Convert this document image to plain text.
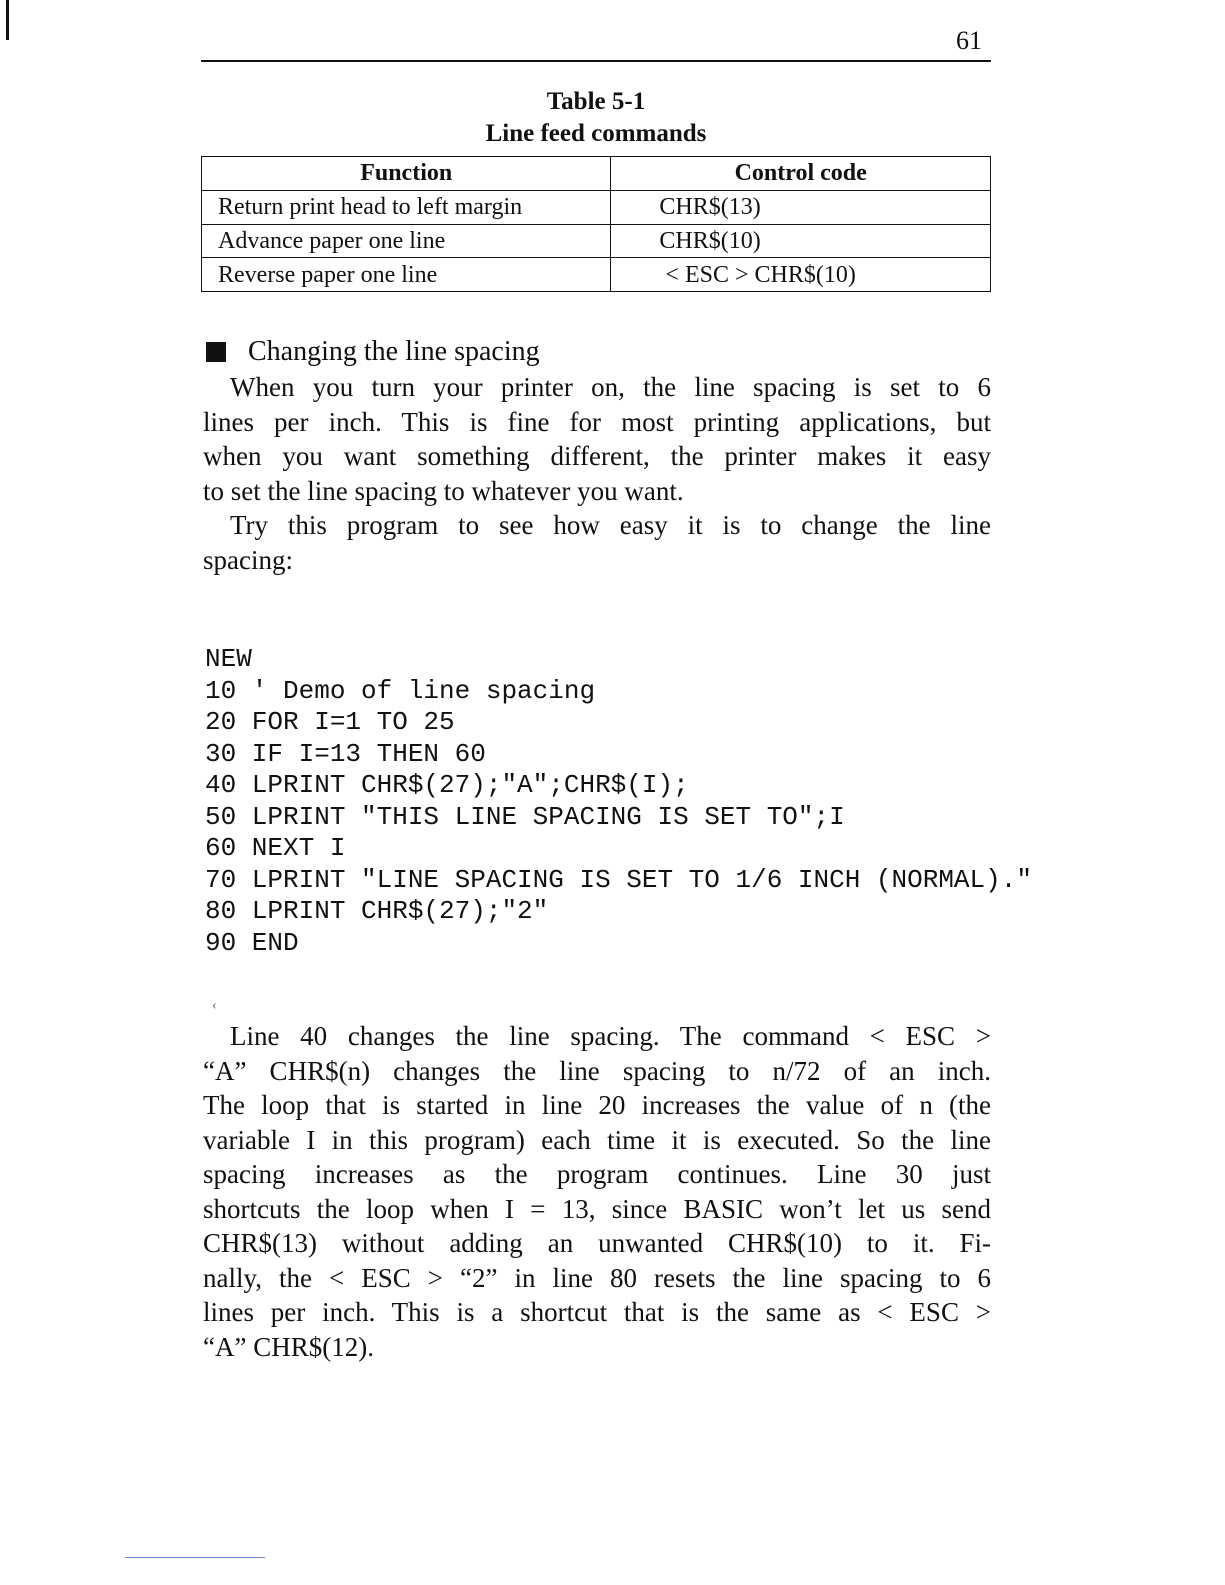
61
Table 5-1
Line feed commands
Function	Control code
Return print head to left margin	CHR$(13)
Advance paper one line	CHR$(10)
Reverse paper one line	< ESC > CHR$(10)
Changing the line spacing
When you turn your printer on, the line spacing is set to 6
lines per inch. This is fine for most printing applications, but
when you want something different, the printer makes it easy
to set the line spacing to whatever you want.
Try this program to see how easy it is to change the line
spacing:
NEW
10 ' Demo of line spacing
20 FOR I=1 TO 25
30 IF I=13 THEN 60
40 LPRINT CHR$(27);"A";CHR$(I);
50 LPRINT "THIS LINE SPACING IS SET TO";I
60 NEXT I
70 LPRINT "LINE SPACING IS SET TO 1/6 INCH (NORMAL)."
80 LPRINT CHR$(27);"2"
90 END
‹
Line 40 changes the line spacing. The command < ESC >
“A” CHR$(n) changes the line spacing to n/72 of an inch.
The loop that is started in line 20 increases the value of n (the
variable I in this program) each time it is executed. So the line
spacing increases as the program continues. Line 30 just
shortcuts the loop when I = 13, since BASIC won’t let us send
CHR$(13) without adding an unwanted CHR$(10) to it. Fi-
nally, the < ESC > “2” in line 80 resets the line spacing to 6
lines per inch. This is a shortcut that is the same as < ESC >
“A” CHR$(12).
